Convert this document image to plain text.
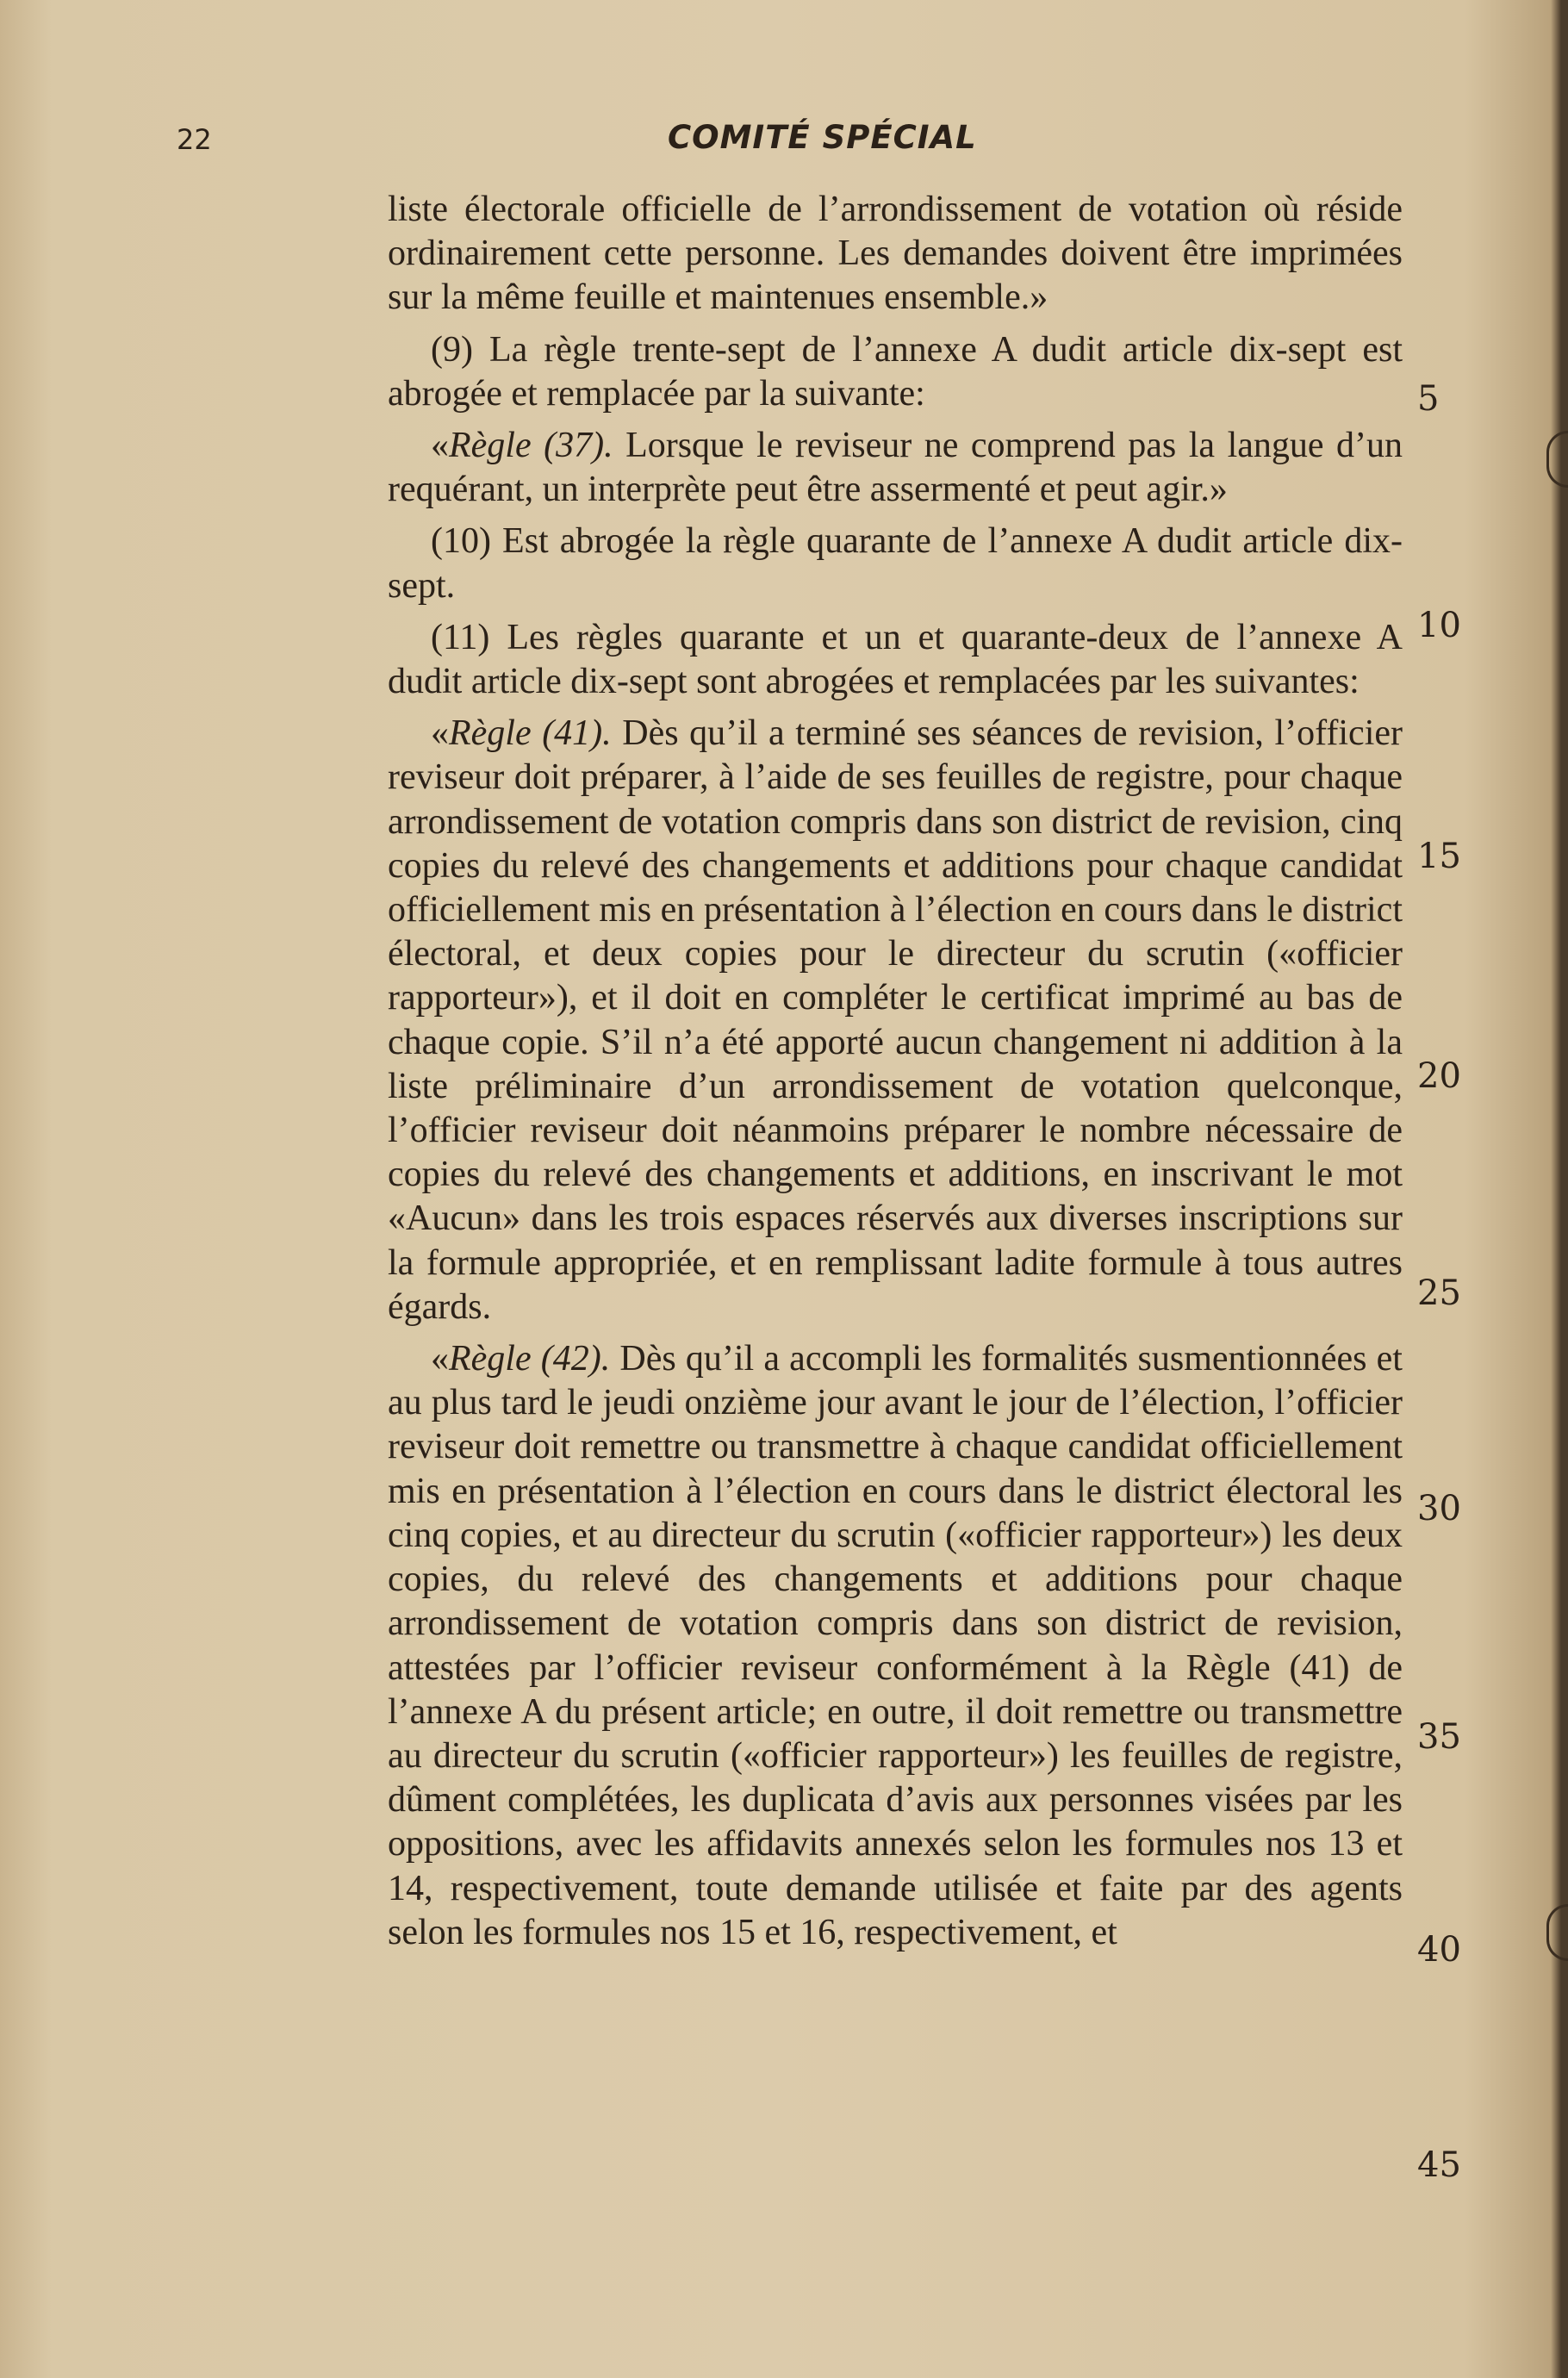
22	COMITÉ SPÉCIAL

liste électorale officielle de l’arrondissement de votation où réside ordinairement cette personne. Les demandes doivent être imprimées sur la même feuille et maintenues ensemble.»

(9) La règle trente-sept de l’annexe A dudit article dix-sept est abrogée et remplacée par la suivante:

«Règle (37). Lorsque le reviseur ne comprend pas la langue d’un requérant, un interprète peut être assermenté et peut agir.»

(10) Est abrogée la règle quarante de l’annexe A dudit article dix-sept.

(11) Les règles quarante et un et quarante-deux de l’annexe A dudit article dix-sept sont abrogées et remplacées par les suivantes:

«Règle (41). Dès qu’il a terminé ses séances de revision, l’officier reviseur doit préparer, à l’aide de ses feuilles de registre, pour chaque arrondissement de votation compris dans son district de revision, cinq copies du relevé des changements et additions pour chaque candidat officiellement mis en présentation à l’élection en cours dans le district électoral, et deux copies pour le directeur du scrutin («officier rapporteur»), et il doit en compléter le certificat imprimé au bas de chaque copie. S’il n’a été apporté aucun changement ni addition à la liste préliminaire d’un arrondissement de votation quelconque, l’officier reviseur doit néanmoins préparer le nombre nécessaire de copies du relevé des changements et additions, en inscrivant le mot «Aucun» dans les trois espaces réservés aux diverses inscriptions sur la formule appropriée, et en remplissant ladite formule à tous autres égards.

«Règle (42). Dès qu’il a accompli les formalités susmentionnées et au plus tard le jeudi onzième jour avant le jour de l’élection, l’officier reviseur doit remettre ou transmettre à chaque candidat officiellement mis en présentation à l’élection en cours dans le district électoral les cinq copies, et au directeur du scrutin («officier rapporteur») les deux copies, du relevé des changements et additions pour chaque arrondissement de votation compris dans son district de revision, attestées par l’officier reviseur conformément à la Règle (41) de l’annexe A du présent article; en outre, il doit remettre ou transmettre au directeur du scrutin («officier rapporteur») les feuilles de registre, dûment complétées, les duplicata d’avis aux personnes visées par les oppositions, avec les affidavits annexés selon les formules nos 13 et 14, respectivement, toute demande utilisée et faite par des agents selon les formules nos 15 et 16, respectivement, et

5
10
15
20
25
30
35
40
45
